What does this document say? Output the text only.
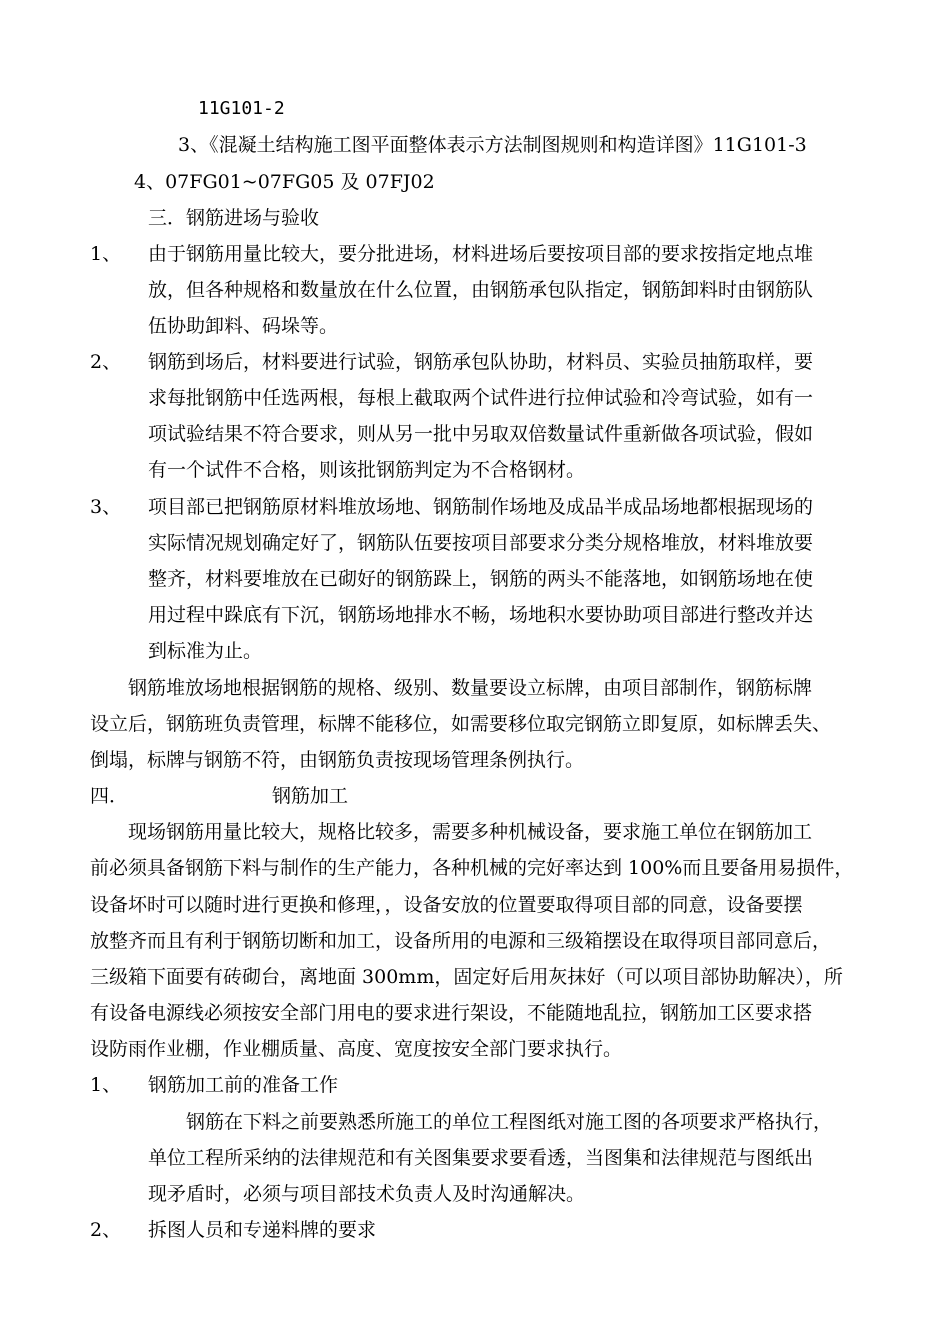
11G101-2
3、《混凝土结构施工图平面整体表示方法制图规则和构造详图》11G101-3
4、07FG01~07FG05 及 07FJ02
三．钢筋进场与验收
1、 由于钢筋用量比较大，要分批进场，材料进场后要按项目部的要求按指定地点堆
放，但各种规格和数量放在什么位置，由钢筋承包队指定，钢筋卸料时由钢筋队
伍协助卸料、码垛等。
2、 钢筋到场后，材料要进行试验，钢筋承包队协助，材料员、实验员抽筋取样，要
求每批钢筋中任选两根，每根上截取两个试件进行拉伸试验和冷弯试验，如有一
项试验结果不符合要求，则从另一批中另取双倍数量试件重新做各项试验，假如
有一个试件不合格，则该批钢筋判定为不合格钢材。
3、 项目部已把钢筋原材料堆放场地、钢筋制作场地及成品半成品场地都根据现场的
实际情况规划确定好了，钢筋队伍要按项目部要求分类分规格堆放，材料堆放要
整齐，材料要堆放在已砌好的钢筋跺上，钢筋的两头不能落地，如钢筋场地在使
用过程中跺底有下沉，钢筋场地排水不畅，场地积水要协助项目部进行整改并达
到标准为止。
钢筋堆放场地根据钢筋的规格、级别、数量要设立标牌，由项目部制作，钢筋标牌
设立后，钢筋班负责管理，标牌不能移位，如需要移位取完钢筋立即复原，如标牌丢失、
倒塌，标牌与钢筋不符，由钢筋负责按现场管理条例执行。
四．	钢筋加工
现场钢筋用量比较大，规格比较多，需要多种机械设备，要求施工单位在钢筋加工
前必须具备钢筋下料与制作的生产能力，各种机械的完好率达到 100%而且要备用易损件，
设备坏时可以随时进行更换和修理，，设备安放的位置要取得项目部的同意，设备要摆
放整齐而且有利于钢筋切断和加工，设备所用的电源和三级箱摆设在取得项目部同意后，
三级箱下面要有砖砌台，离地面 300mm，固定好后用灰抹好（可以项目部协助解决），所
有设备电源线必须按安全部门用电的要求进行架设，不能随地乱拉，钢筋加工区要求搭
设防雨作业棚，作业棚质量、高度、宽度按安全部门要求执行。
1、 钢筋加工前的准备工作
钢筋在下料之前要熟悉所施工的单位工程图纸对施工图的各项要求严格执行，
单位工程所采纳的法律规范和有关图集要求要看透，当图集和法律规范与图纸出
现矛盾时，必须与项目部技术负责人及时沟通解决。
2、 拆图人员和专递料牌的要求
